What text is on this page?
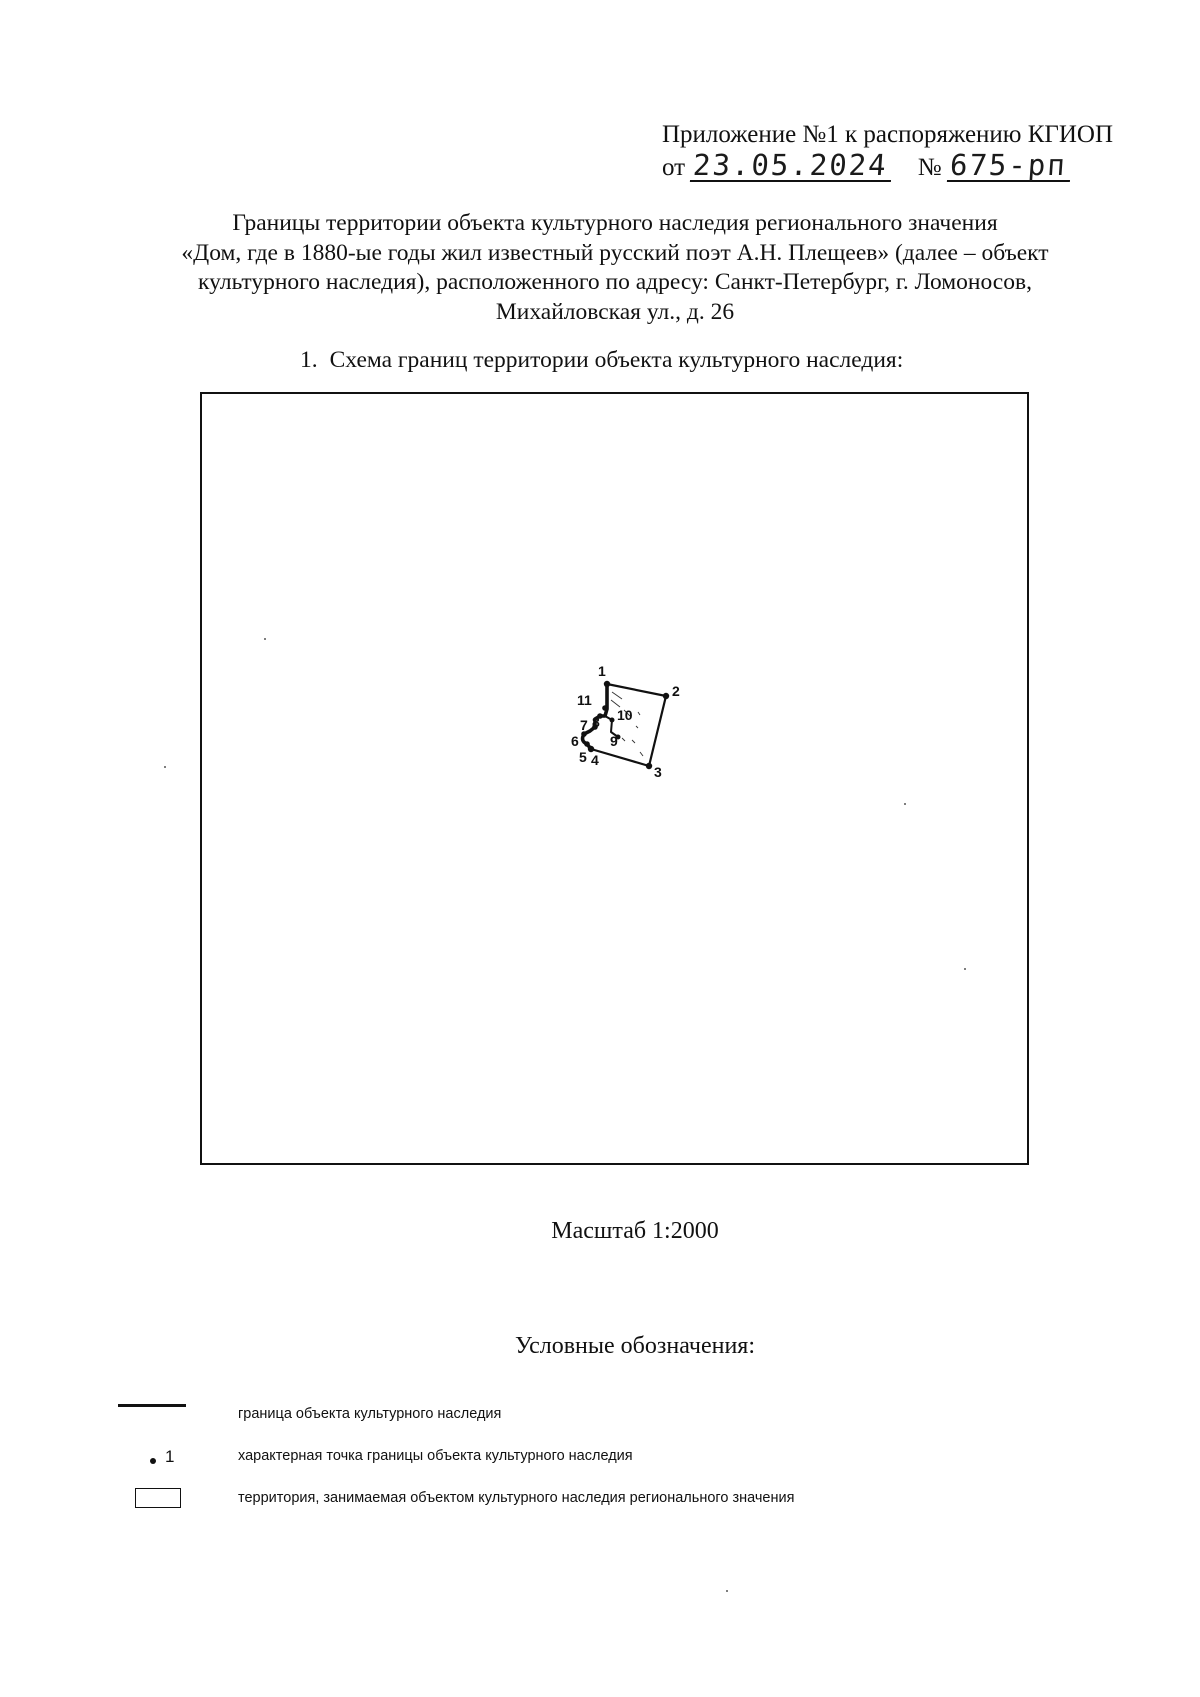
Приложение №1 к распоряжению КГИОП
от 23.05.2024 № 675-рп
Границы территории объекта культурного наследия регионального значения
«Дом, где в 1880-ые годы жил известный русский поэт А.Н. Плещеев» (далее – объект
культурного наследия), расположенного по адресу: Санкт-Петербург, г. Ломоносов,
Михайловская ул., д. 26
1. Схема границ территории объекта культурного наследия:
1
2
3
4
5
6
7 8
9
10
11
Масштаб 1:2000
Условные обозначения:
граница объекта культурного наследия
1	характерная точка границы объекта культурного наследия
территория, занимаемая объектом культурного наследия регионального значения
